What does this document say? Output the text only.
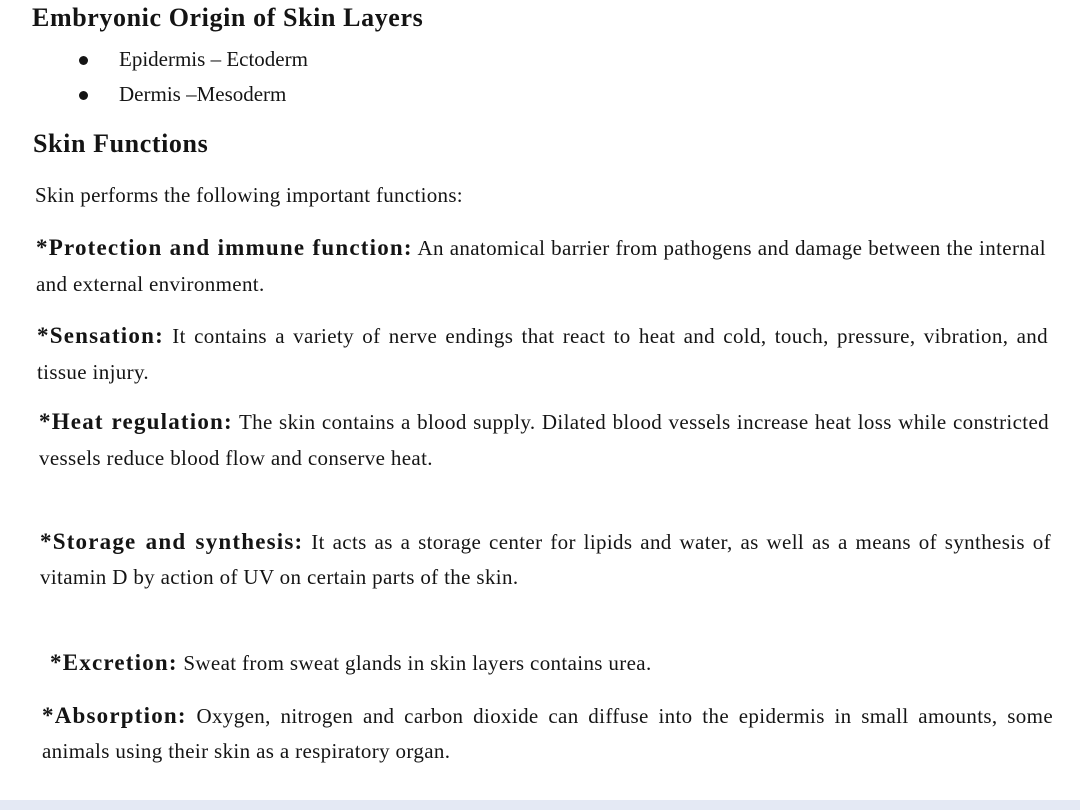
Embryonic Origin of Skin Layers
Epidermis – Ectoderm
Dermis –Mesoderm
Skin Functions

Skin performs the following important functions:

*Protection and immune function: An anatomical barrier from pathogens and damage between the internal and external environment.

*Sensation: It contains a variety of nerve endings that react to heat and cold, touch, pressure, vibration, and tissue injury.

*Heat regulation: The skin contains a blood supply. Dilated blood vessels increase heat loss while constricted vessels reduce blood flow and conserve heat.

*Storage and synthesis: It acts as a storage center for lipids and water, as well as a means of synthesis of vitamin D by action of UV on certain parts of the skin.

*Excretion: Sweat from sweat glands in skin layers contains urea.

*Absorption: Oxygen, nitrogen and carbon dioxide can diffuse into the epidermis in small amounts, some animals using their skin as a respiratory organ.
